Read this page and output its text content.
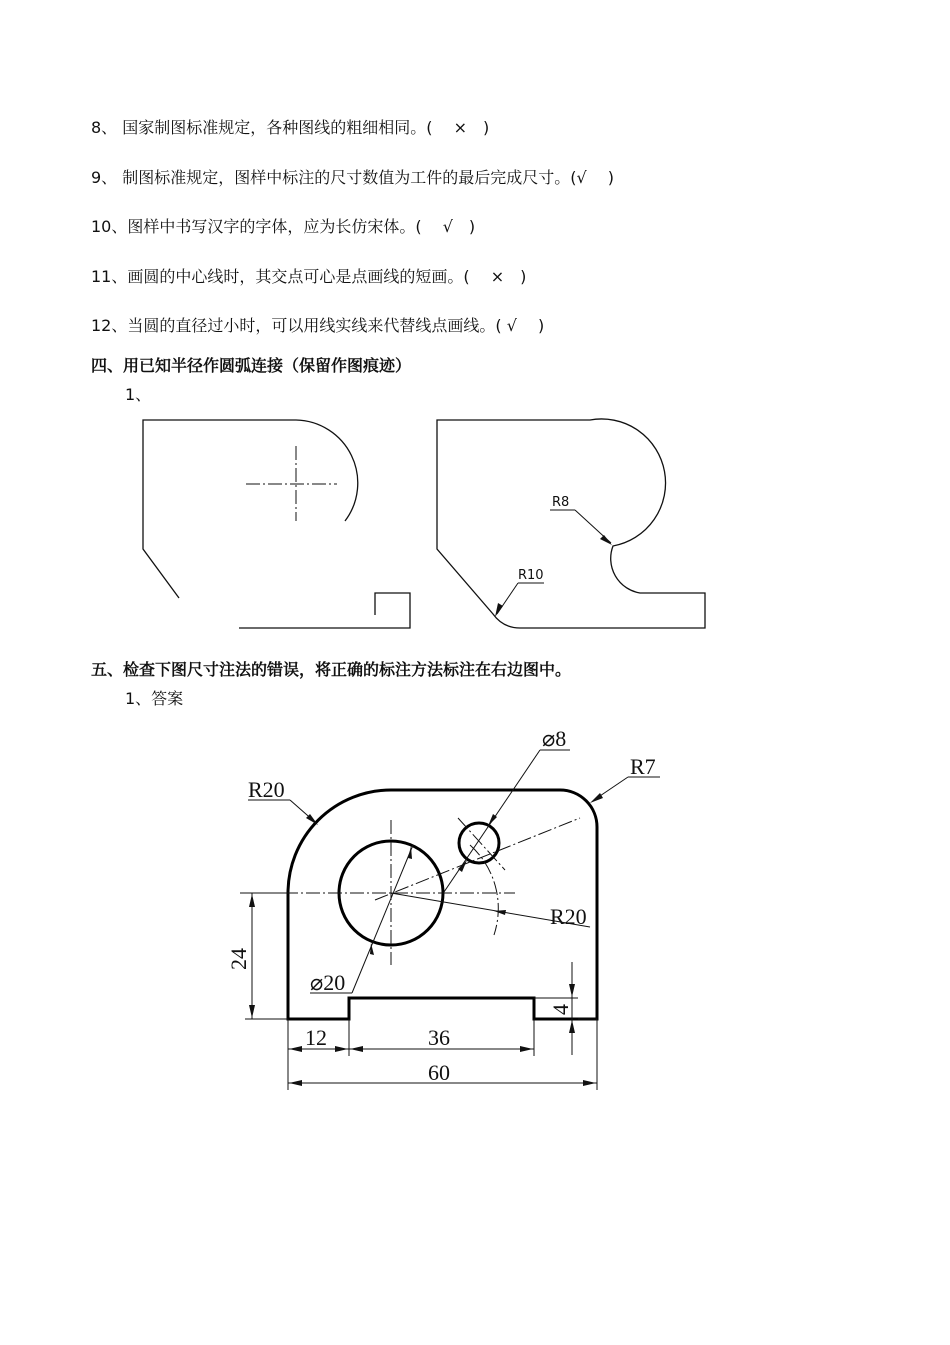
8、 国家制图标准规定，各种图线的粗细相同。(　 ×　)
9、 制图标准规定，图样中标注的尺寸数值为工件的最后完成尺寸。(√　 )
10、图样中书写汉字的字体，应为长仿宋体。(　 √　)
11、画圆的中心线时，其交点可心是点画线的短画。(　 ×　)
12、当圆的直径过小时，可以用线实线来代替线点画线。( √　 )
四、用已知半径作圆弧连接（保留作图痕迹）
1、
R8
R10
五、检查下图尺寸注法的错误，将正确的标注方法标注在右边图中。
1、答案
R20
R7
⌀8
R20
⌀20
24
4
12	36
60
